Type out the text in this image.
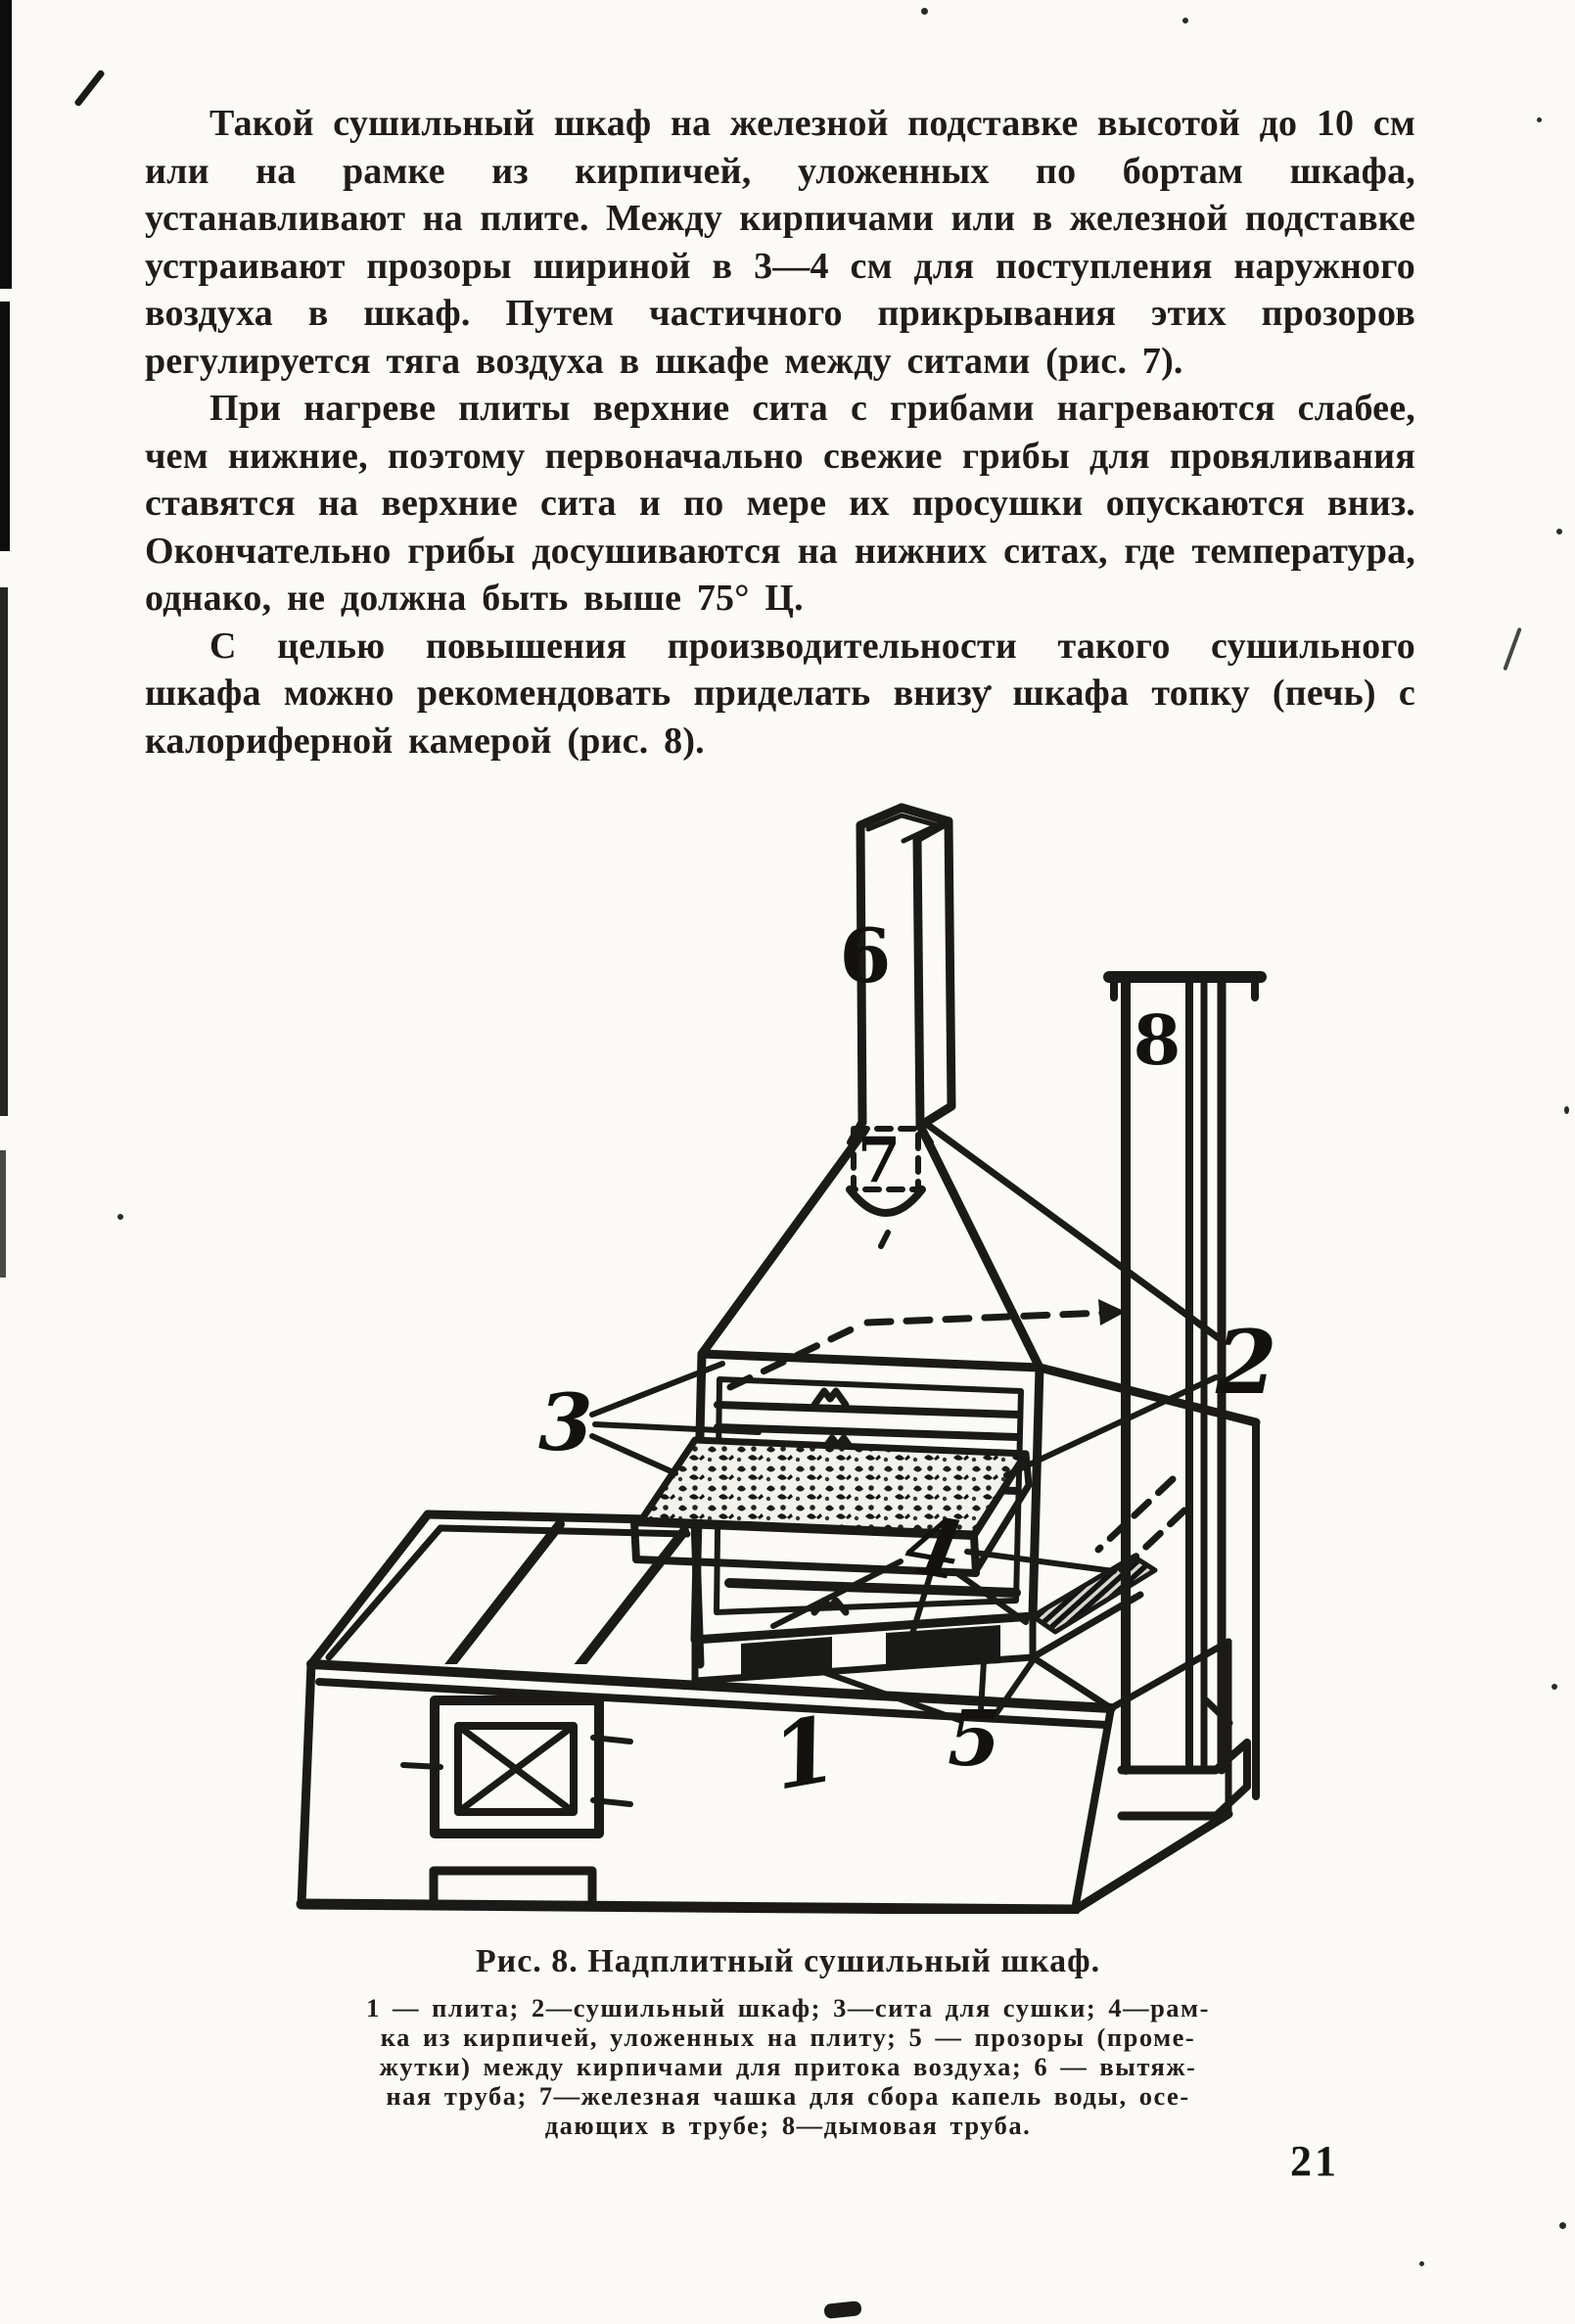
Такой сушильный шкаф на железной подставке высотой до 10 см или на рамке из кирпичей, уложенных по бортам шкафа, устанавливают на плите. Между кирпичами или в железной подставке устраивают прозоры шириной в 3—4 см для поступления наружного воздуха в шкаф. Путем частичного прикрывания этих прозоров регулируется тяга воздуха в шкафе между ситами (рис. 7).

При нагреве плиты верхние сита с грибами нагреваются слабее, чем нижние, поэтому первоначально свежие грибы для провяливания ставятся на верхние сита и по мере их просушки опускаются вниз. Окончательно грибы досушиваются на нижних ситах, где температура, однако, не должна быть выше 75° Ц.

С целью повышения производительности такого сушильного шкафа можно рекомендовать приделать внизу шкафа топку (печь) с калориферной камерой (рис. 8).

1
2
3
4
5
6
7
8
Рис. 8. Надплитный сушильный шкаф.
1 — плита; 2—сушильный шкаф; 3—сита для сушки; 4—рам-
ка из кирпичей, уложенных на плиту; 5 — прозоры (проме-
жутки) между кирпичами для притока воздуха; 6 — вытяж-
ная труба; 7—железная чашка для сбора капель воды, осе-
дающих в трубе; 8—дымовая труба.
21
